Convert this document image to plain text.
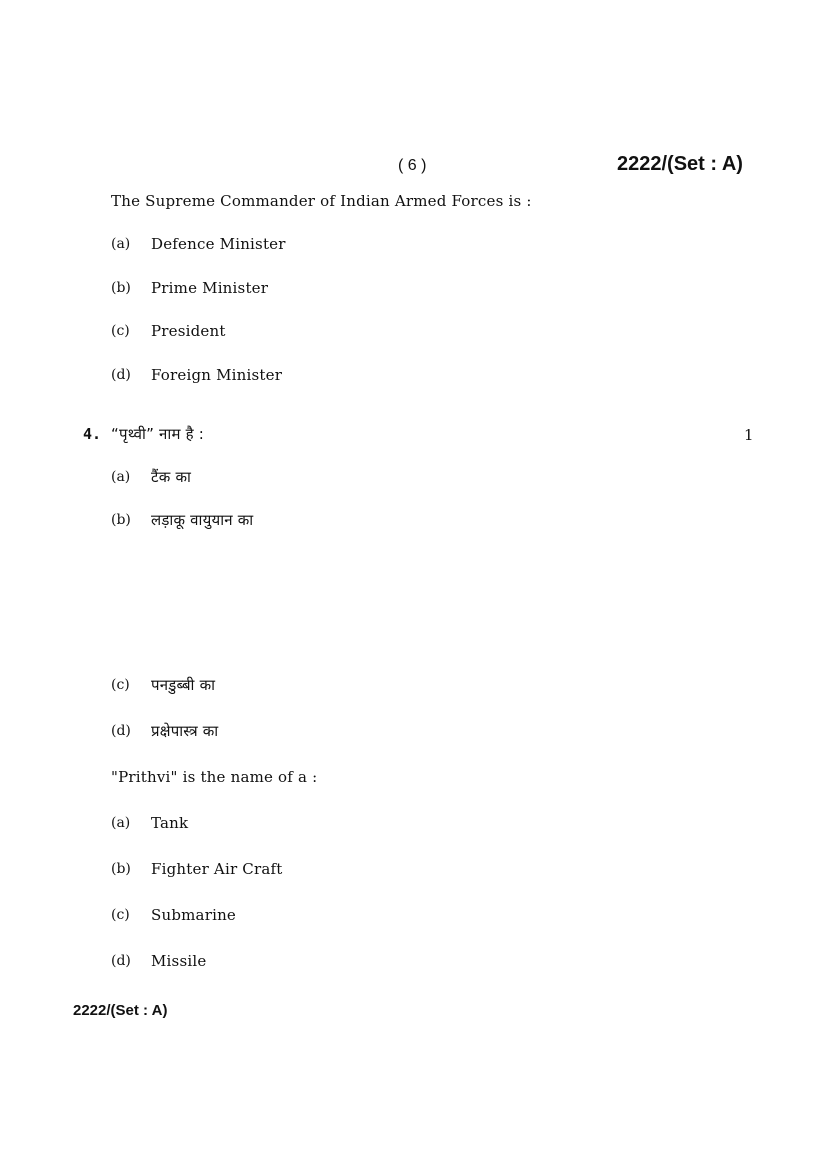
( 6 )	2222/(Set : A)
The Supreme Commander of Indian Armed Forces is :
(a) Defence Minister
(b) Prime Minister
(c) President
(d) Foreign Minister
4. “पृथ्वी” नाम है :	1
(a) टैंक का
(b) लड़ाकू वायुयान का
(c) पनडुब्बी का
(d) प्रक्षेपास्त्र का
"Prithvi" is the name of a :
(a) Tank
(b) Fighter Air Craft
(c) Submarine
(d) Missile
2222/(Set : A)
